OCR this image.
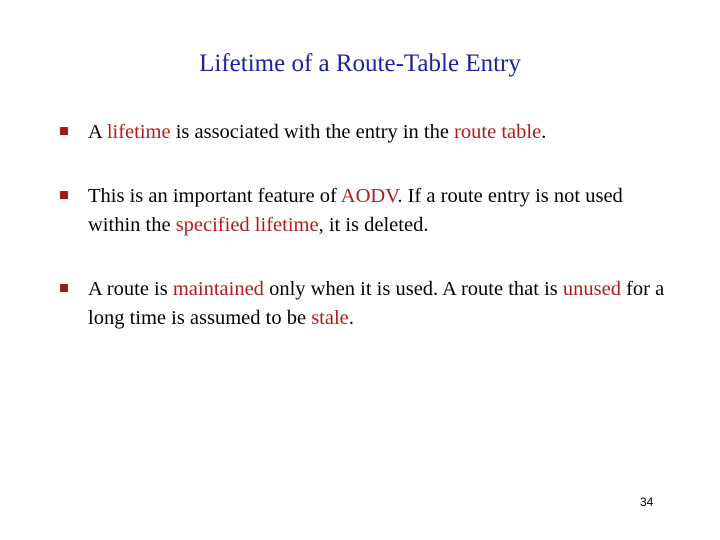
Lifetime of a Route-Table Entry
A lifetime is associated with the entry in the route table.
This is an important feature of AODV. If a route entry is not used within the specified lifetime, it is deleted.
A route is maintained only when it is used. A route that is unused for a long time is assumed to be stale.
34
